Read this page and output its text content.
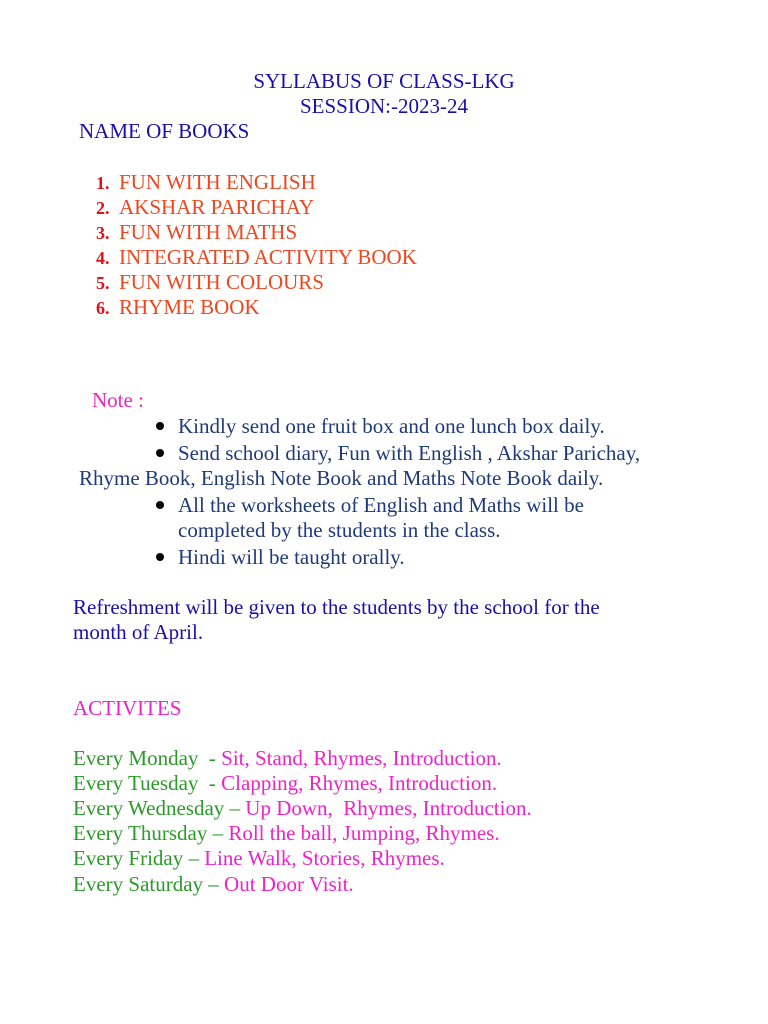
SYLLABUS OF CLASS-LKG

SESSION:-2023-24

NAME OF BOOKS

1. FUN WITH ENGLISH

2. AKSHAR PARICHAY

3. FUN WITH MATHS

4. INTEGRATED ACTIVITY BOOK

5. FUN WITH COLOURS

6. RHYME BOOK

Note :

Kindly send one fruit box and one lunch box daily.

Send school diary, Fun with English , Akshar Parichay,

Rhyme Book, English Note Book and Maths Note Book daily.

All the worksheets of English and Maths will be

completed by the students in the class.

Hindi will be taught orally.

Refreshment will be given to the students by the school for the

month of April.

ACTIVITES

Every Monday  - Sit, Stand, Rhymes, Introduction.

Every Tuesday  - Clapping, Rhymes, Introduction.

Every Wednesday – Up Down,  Rhymes, Introduction.

Every Thursday – Roll the ball, Jumping, Rhymes.

Every Friday – Line Walk, Stories, Rhymes.

Every Saturday – Out Door Visit.
